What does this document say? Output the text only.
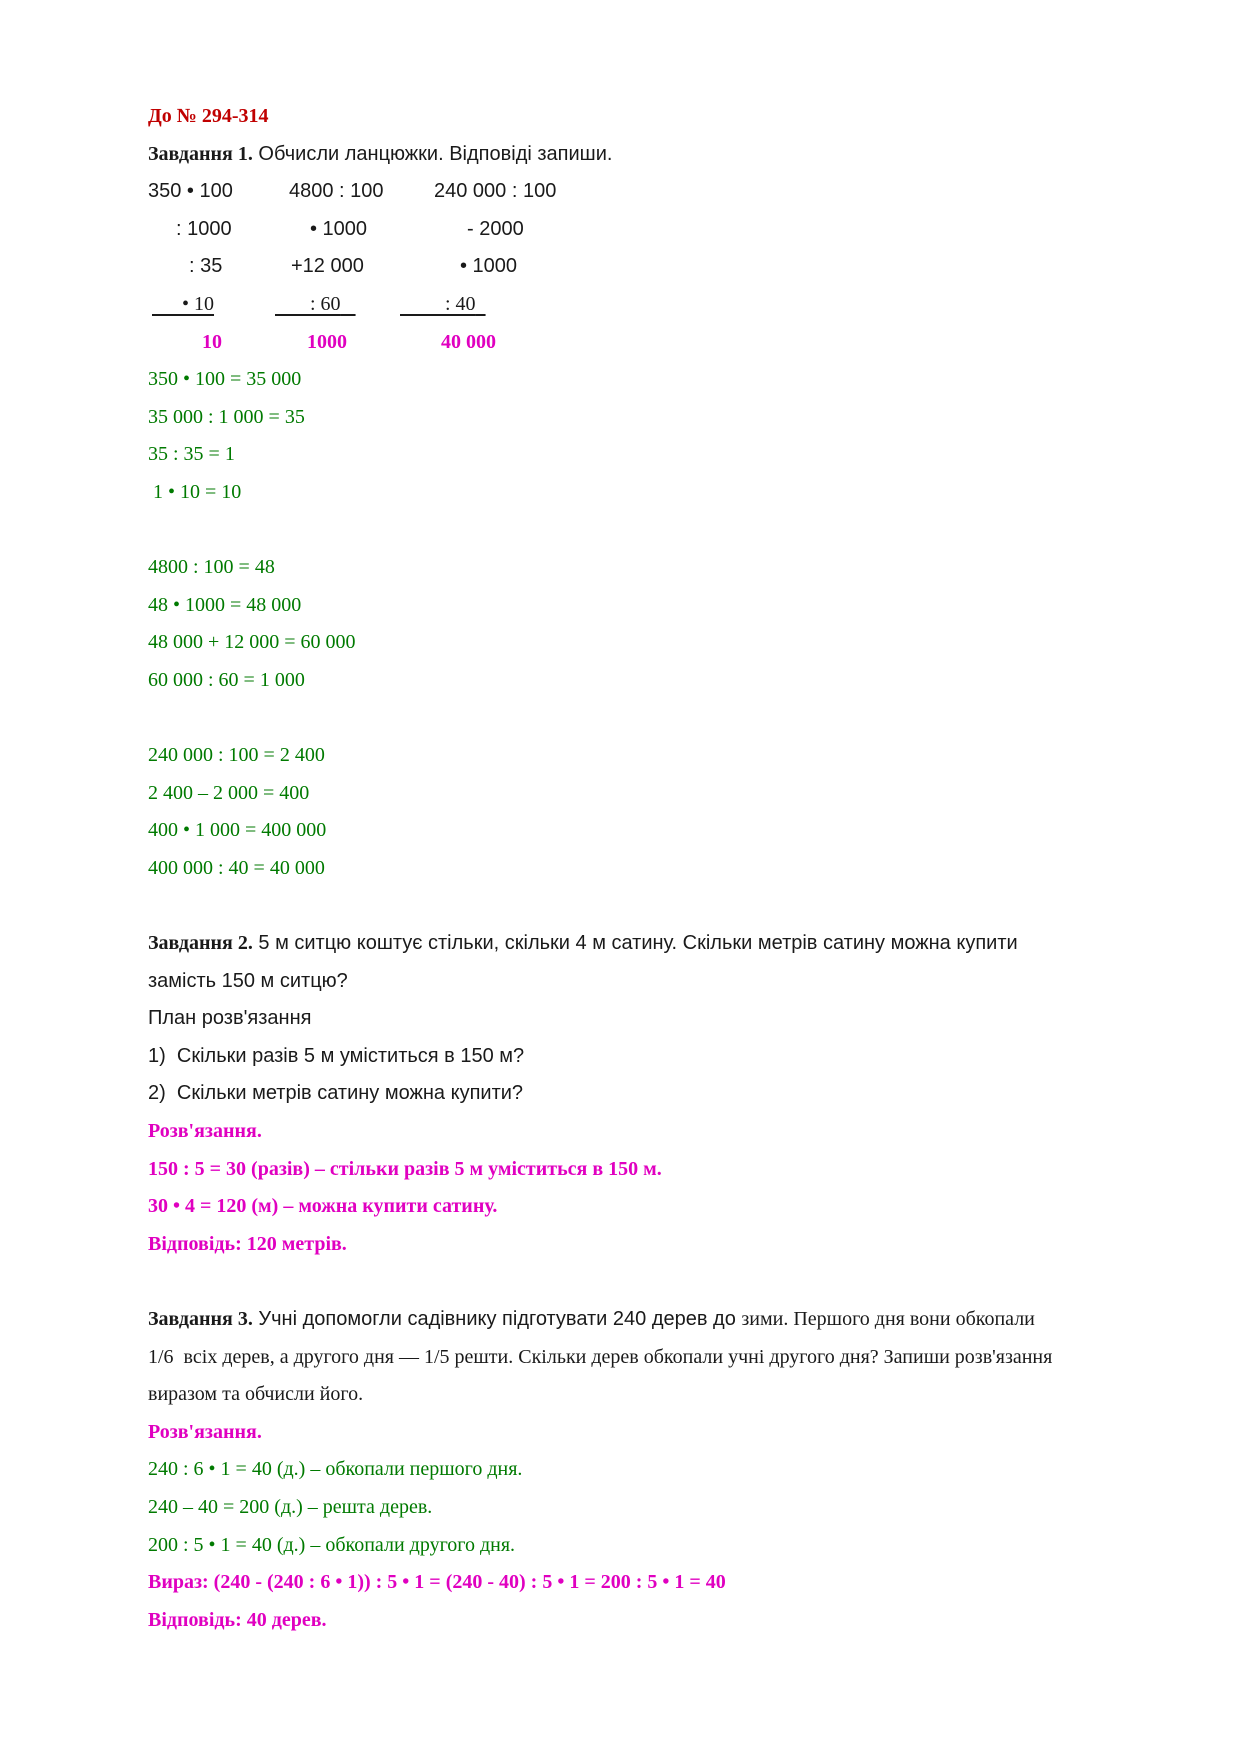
До № 294-314
Завдання 1. Обчисли ланцюжки. Відповіді запиши.
350 • 100	4800 : 100	240 000 : 100
: 1000	• 1000	- 2000
: 35	+12 000	• 1000
• 10	: 60	: 40
10	1000	40 000
350 • 100 = 35 000
35 000 : 1 000 = 35
35 : 35 = 1
1 • 10 = 10
4800 : 100 = 48
48 • 1000 = 48 000
48 000 + 12 000 = 60 000
60 000 : 60 = 1 000
240 000 : 100 = 2 400
2 400 – 2 000 = 400
400 • 1 000 = 400 000
400 000 : 40 = 40 000
Завдання 2. 5 м ситцю коштує стільки, скільки 4 м сатину. Скільки метрів сатину можна купити
замість 150 м ситцю?
План розв'язання
1)  Скільки разів 5 м уміститься в 150 м?
2)  Скільки метрів сатину можна купити?
Розв'язання.
150 : 5 = 30 (разів) – стільки разів 5 м уміститься в 150 м.
30 • 4 = 120 (м) – можна купити сатину.
Відповідь: 120 метрів.
Завдання 3. Учні допомогли садівнику підготувати 240 дерев до зими. Першого дня вони обкопали
1/6  всіх дерев, а другого дня — 1/5 решти. Скільки дерев обкопали учні другого дня? Запиши розв'язання
виразом та обчисли його.
Розв'язання.
240 : 6 • 1 = 40 (д.) – обкопали першого дня.
240 – 40 = 200 (д.) – решта дерев.
200 : 5 • 1 = 40 (д.) – обкопали другого дня.
Вираз: (240 - (240 : 6 • 1)) : 5 • 1 = (240 - 40) : 5 • 1 = 200 : 5 • 1 = 40
Відповідь: 40 дерев.
